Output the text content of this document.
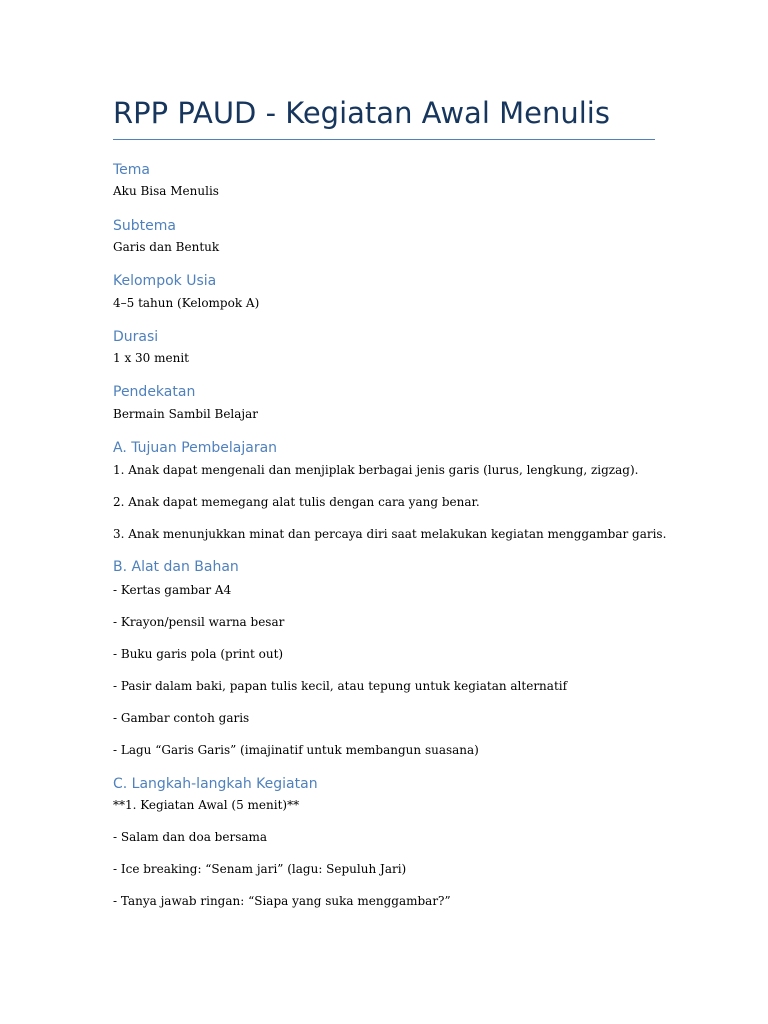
RPP PAUD - Kegiatan Awal Menulis
Tema
Aku Bisa Menulis
Subtema
Garis dan Bentuk
Kelompok Usia
4–5 tahun (Kelompok A)
Durasi
1 x 30 menit
Pendekatan
Bermain Sambil Belajar
A. Tujuan Pembelajaran
1. Anak dapat mengenali dan menjiplak berbagai jenis garis (lurus, lengkung, zigzag).
2. Anak dapat memegang alat tulis dengan cara yang benar.
3. Anak menunjukkan minat dan percaya diri saat melakukan kegiatan menggambar garis.
B. Alat dan Bahan
- Kertas gambar A4
- Krayon/pensil warna besar
- Buku garis pola (print out)
- Pasir dalam baki, papan tulis kecil, atau tepung untuk kegiatan alternatif
- Gambar contoh garis
- Lagu “Garis Garis” (imajinatif untuk membangun suasana)
C. Langkah-langkah Kegiatan
**1. Kegiatan Awal (5 menit)**
- Salam dan doa bersama
- Ice breaking: “Senam jari” (lagu: Sepuluh Jari)
- Tanya jawab ringan: “Siapa yang suka menggambar?”
